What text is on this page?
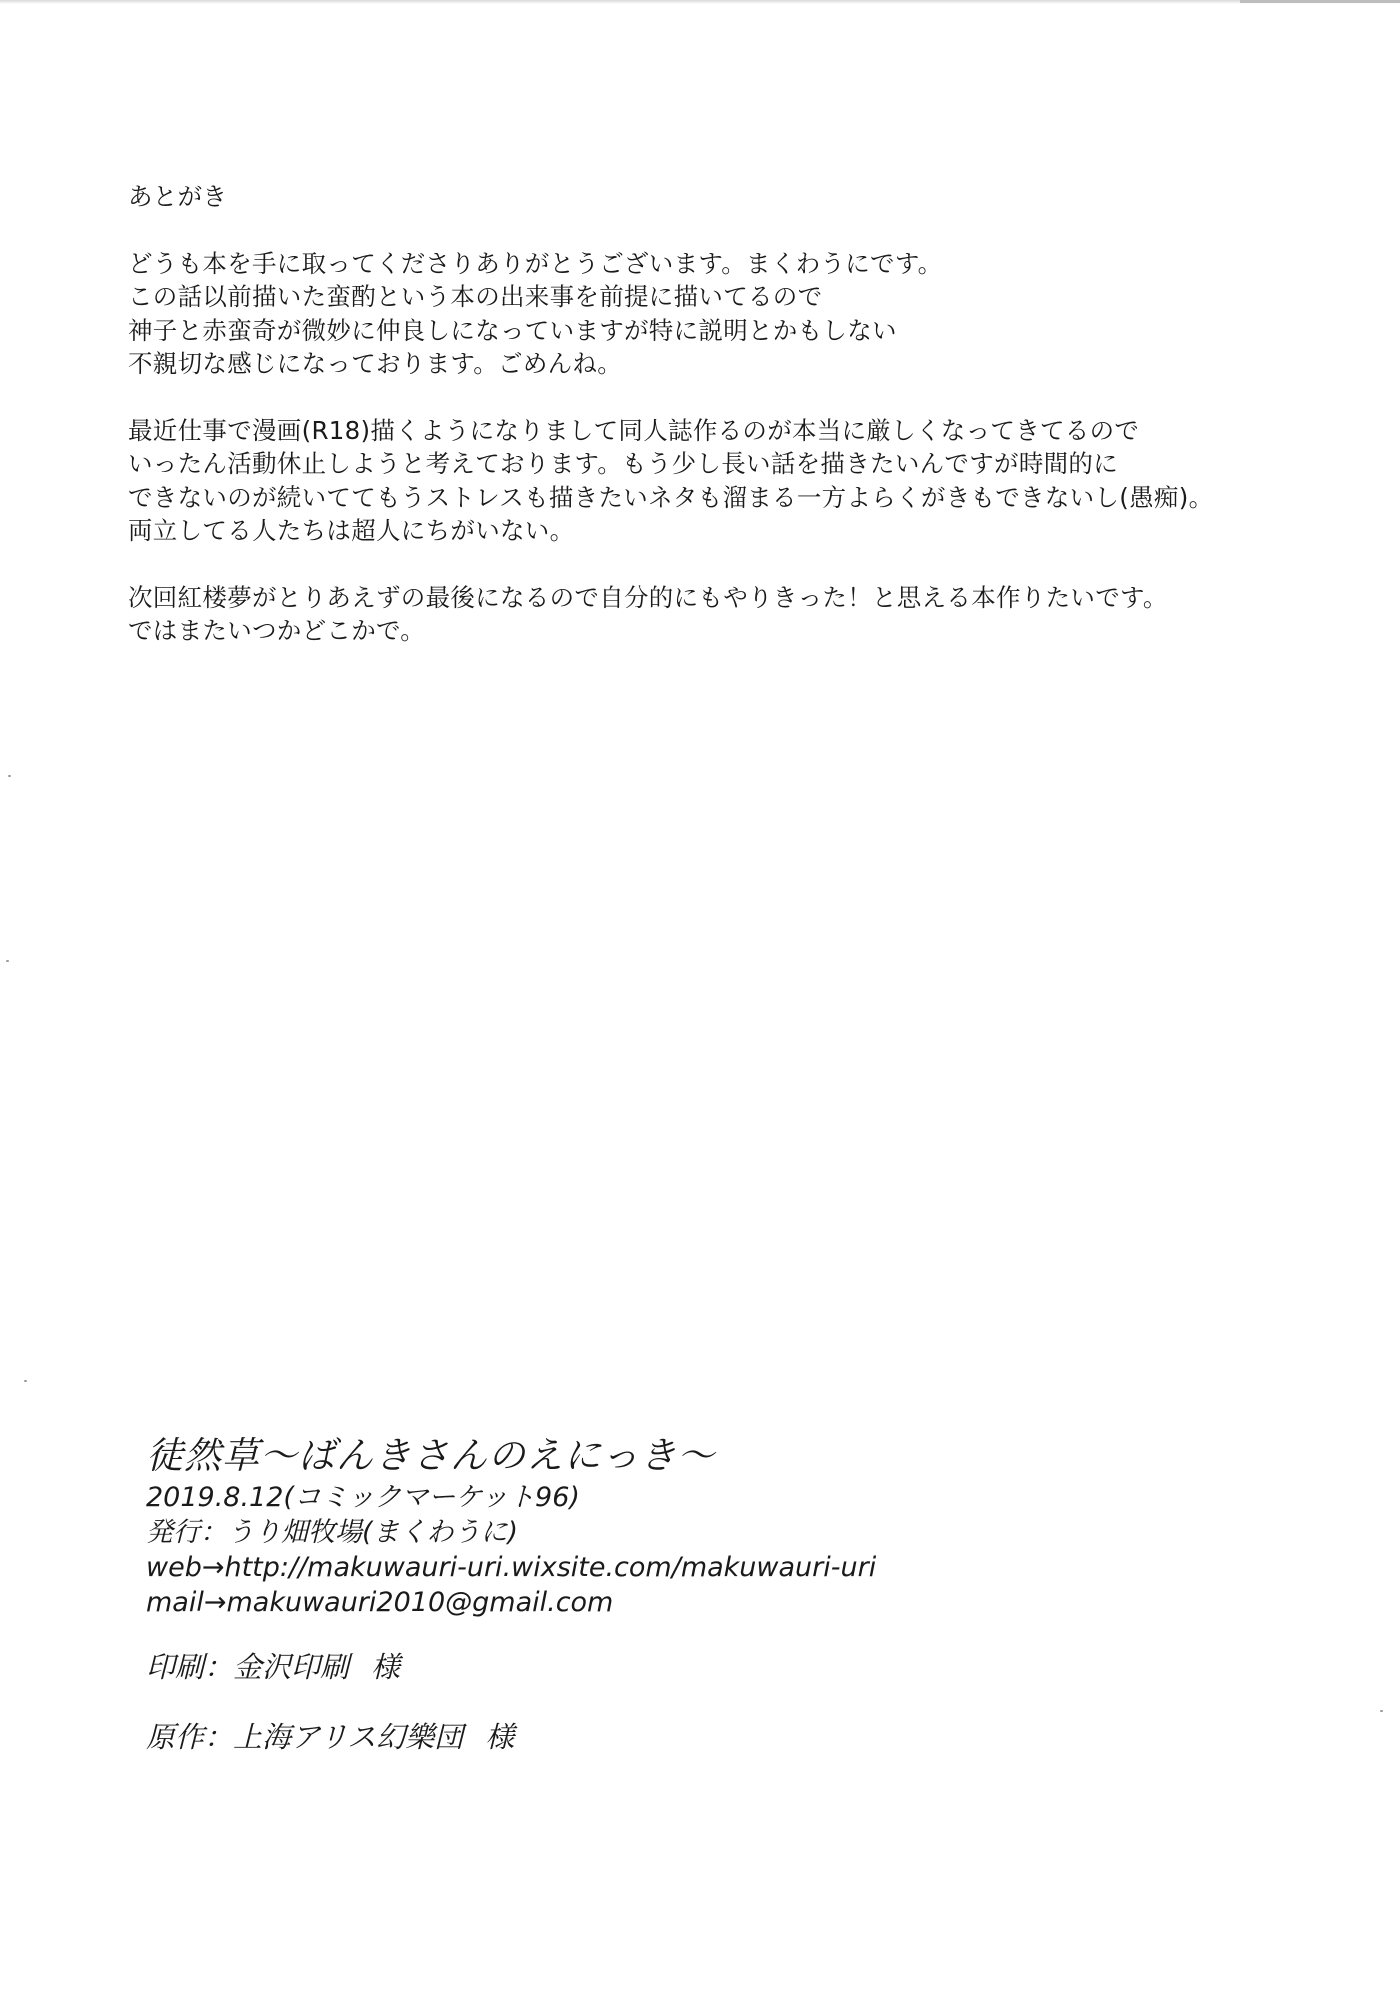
あとがき
どうも本を手に取ってくださりありがとうございます。まくわうにです。
この話以前描いた蛮酌という本の出来事を前提に描いてるので
神子と赤蛮奇が微妙に仲良しになっていますが特に説明とかもしない
不親切な感じになっております。ごめんね。
最近仕事で漫画(R18)描くようになりまして同人誌作るのが本当に厳しくなってきてるので
いったん活動休止しようと考えております。もう少し長い話を描きたいんですが時間的に
できないのが続いててもうストレスも描きたいネタも溜まる一方よらくがきもできないし(愚痴)。
両立してる人たちは超人にちがいない。
次回紅楼夢がとりあえずの最後になるので自分的にもやりきった！と思える本作りたいです。
ではまたいつかどこかで。
徒然草～ばんきさんのえにっき～
2019.8.12(コミックマーケット96)
発行：うり畑牧場(まくわうに)
web→http://makuwauri-uri.wixsite.com/makuwauri-uri
mail→makuwauri2010@gmail.com
印刷：金沢印刷 様
原作：上海アリス幻樂団 様
